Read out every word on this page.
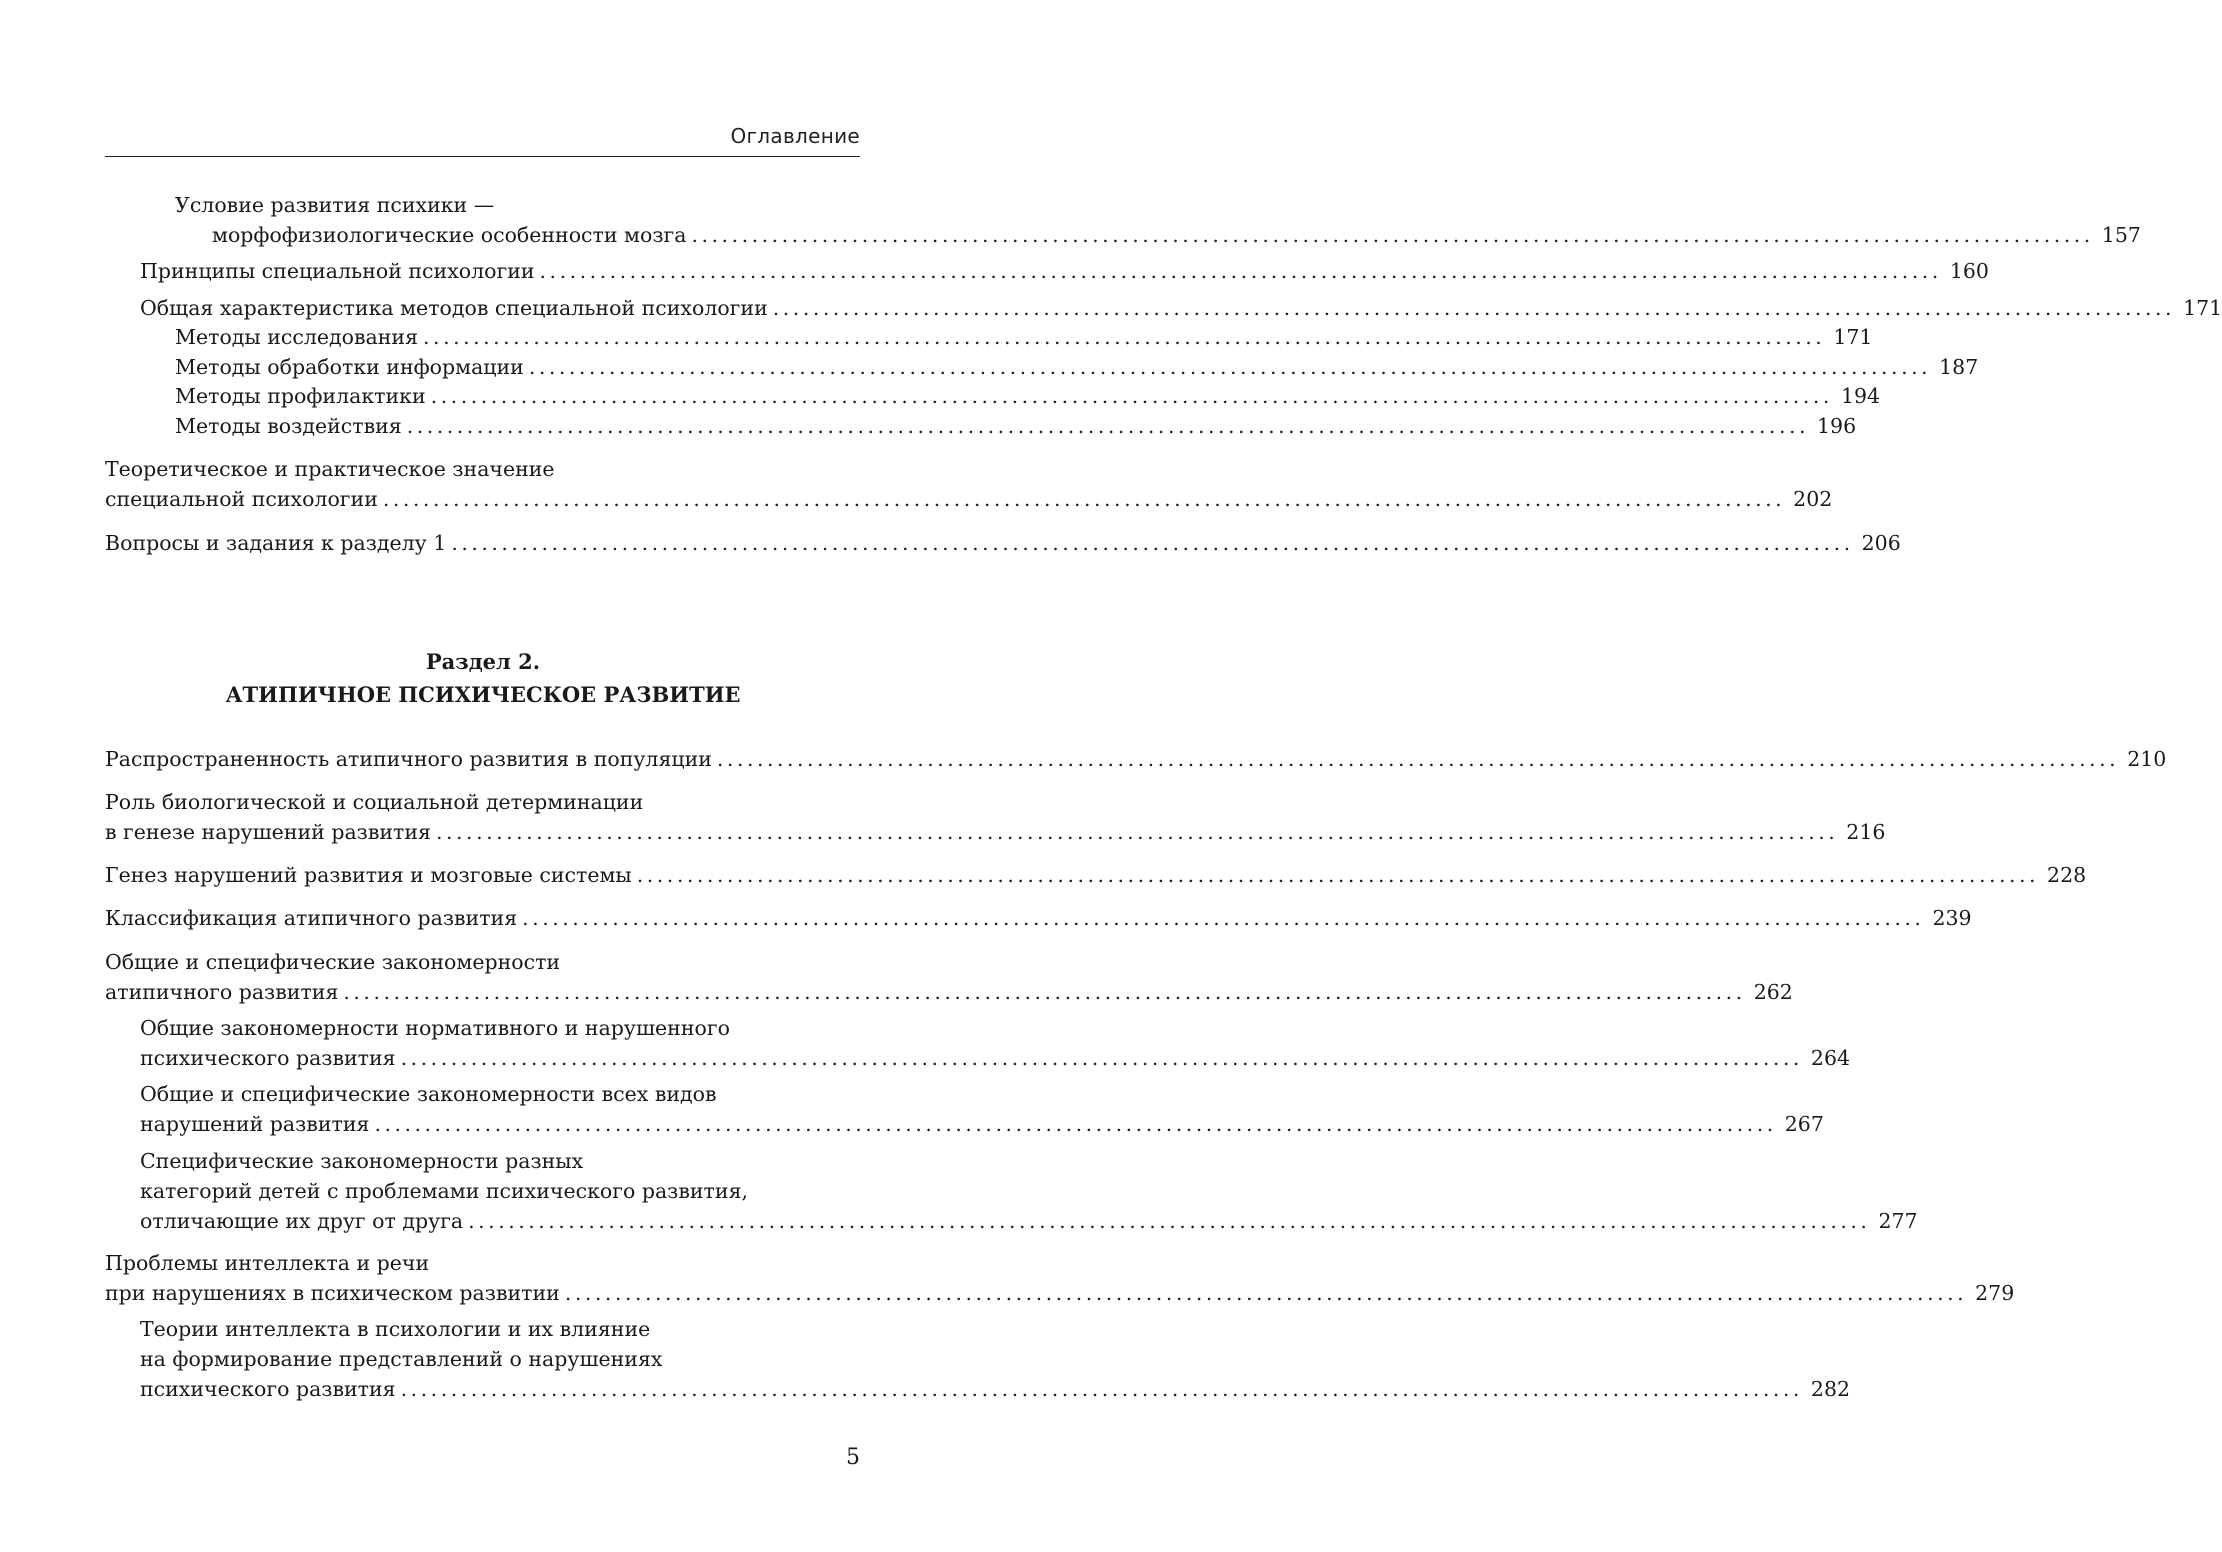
Оглавление
Условие развития психики —
морфофизиологические особенности мозга ............................................................................................................................................ 157
Принципы специальной психологии ............................................................................................................................................ 160
Общая характеристика методов специальной психологии ............................................................................................................................................ 171
Методы исследования ............................................................................................................................................ 171
Методы обработки информации ............................................................................................................................................ 187
Методы профилактики ............................................................................................................................................ 194
Методы воздействия ............................................................................................................................................ 196
Теоретическое и практическое значение
специальной психологии ............................................................................................................................................ 202
Вопросы и задания к разделу 1 ............................................................................................................................................ 206
Распространенность атипичного развития в популяции ............................................................................................................................................ 210
Роль биологической и социальной детерминации
в генезе нарушений развития ............................................................................................................................................ 216
Генез нарушений развития и мозговые системы ............................................................................................................................................ 228
Классификация атипичного развития ............................................................................................................................................ 239
Общие и специфические закономерности
атипичного развития ............................................................................................................................................ 262
Общие закономерности нормативного и нарушенного
психического развития ............................................................................................................................................ 264
Общие и специфические закономерности всех видов
нарушений развития ............................................................................................................................................ 267
Специфические закономерности разных
категорий детей с проблемами психического развития,
отличающие их друг от друга ............................................................................................................................................ 277
Проблемы интеллекта и речи
при нарушениях в психическом развитии ............................................................................................................................................ 279
Теории интеллекта в психологии и их влияние
на формирование представлений о нарушениях
психического развития ............................................................................................................................................ 282
Раздел 2.
АТИПИЧНОЕ ПСИХИЧЕСКОЕ РАЗВИТИЕ
5
